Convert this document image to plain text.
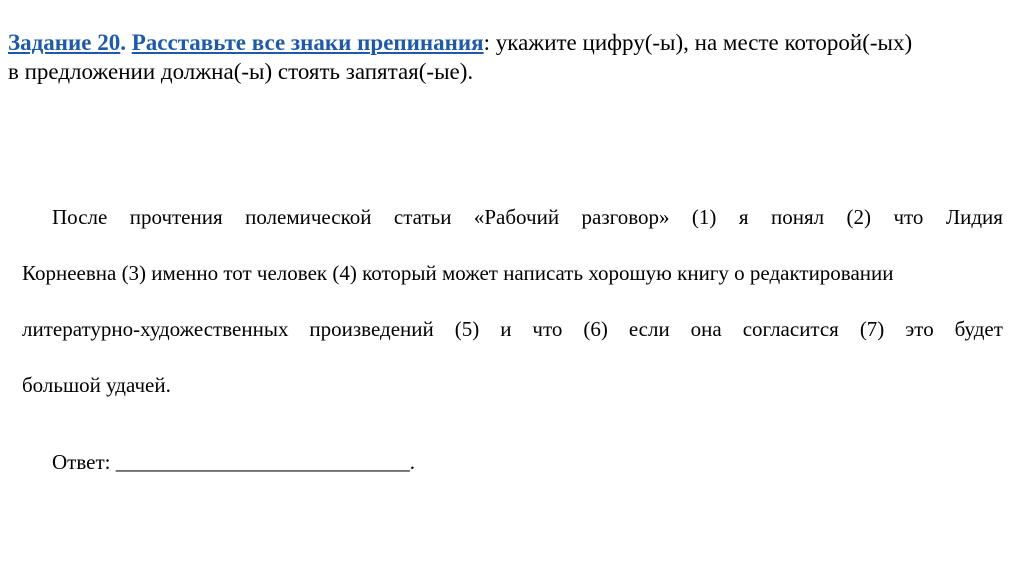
Задание 20. Расставьте все знаки препинания: укажите цифру(-ы), на месте которой(-ых)
в предложении должна(-ы) стоять запятая(-ые).
После прочтения полемической статьи «Рабочий разговор» (1) я понял (2) что Лидия
Корнеевна (3) именно тот человек (4) который может написать хорошую книгу о редактировании
литературно-художественных произведений (5) и что (6) если она согласится (7) это будет
большой удачей.
Ответ: ____________________________.
